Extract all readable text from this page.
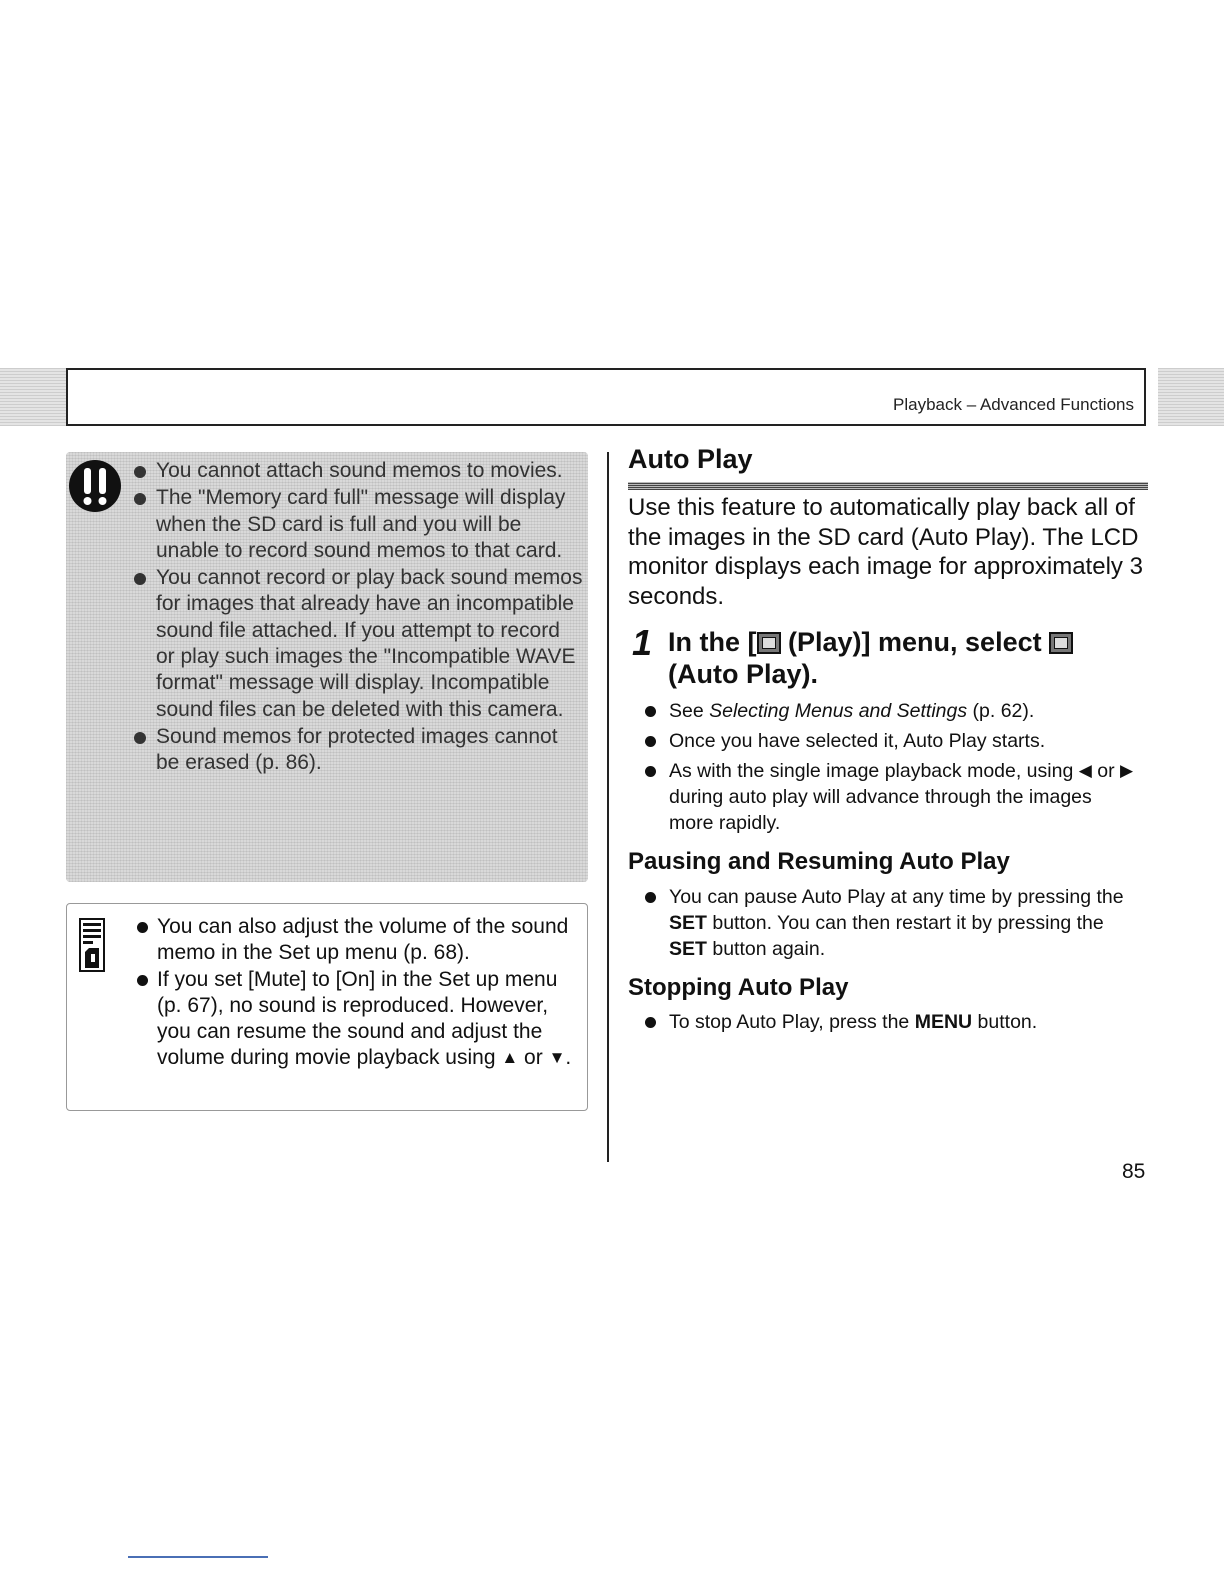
Playback – Advanced Functions
You cannot attach sound memos to movies.
The "Memory card full" message will display when the SD card is full and you will be unable to record sound memos to that card.
You cannot record or play back sound memos for images that already have an incompatible sound file attached. If you attempt to record or play such images the "Incompatible WAVE format" message will display. Incompatible sound files can be deleted with this camera.
Sound memos for protected images cannot be erased (p. 86).
You can also adjust the volume of the sound memo in the Set up menu (p. 68).
If you set [Mute] to [On] in the Set up menu (p. 67), no sound is reproduced. However, you can resume the sound and adjust the volume during movie playback using ▲ or ▼.
Auto Play

Use this feature to automatically play back all of the images in the SD card (Auto Play). The LCD monitor displays each image for approximately 3 seconds.

1 In the [
(Play)] menu, select
(Auto Play).

See Selecting Menus and Settings (p. 62).
Once you have selected it, Auto Play starts.
As with the single image playback mode, using ◀ or ▶ during auto play will advance through the images more rapidly.
Pausing and Resuming Auto Play
You can pause Auto Play at any time by pressing the SET button. You can then restart it by pressing the SET button again.
Stopping Auto Play
To stop Auto Play, press the MENU button.

85
